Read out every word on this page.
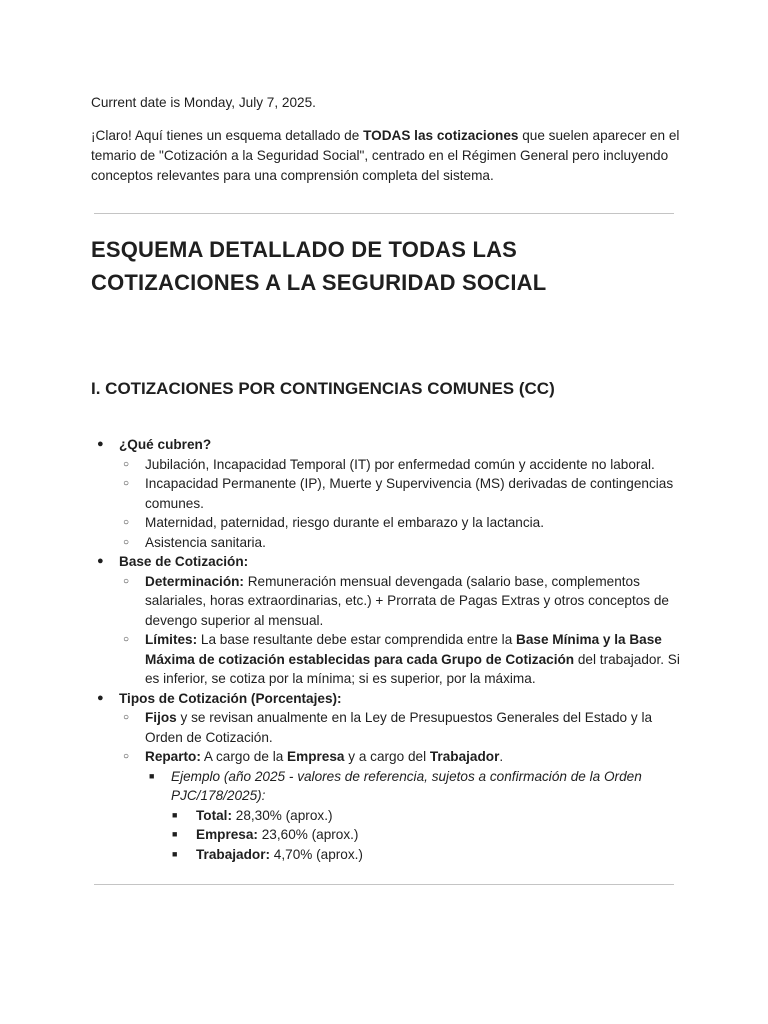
Current date is Monday, July 7, 2025.

¡Claro! Aquí tienes un esquema detallado de TODAS las cotizaciones que suelen aparecer en el temario de "Cotización a la Seguridad Social", centrado en el Régimen General pero incluyendo conceptos relevantes para una comprensión completa del sistema.

ESQUEMA DETALLADO DE TODAS LAS COTIZACIONES A LA SEGURIDAD SOCIAL
I. COTIZACIONES POR CONTINGENCIAS COMUNES (CC)
● ¿Qué cubren?
○ Jubilación, Incapacidad Temporal (IT) por enfermedad común y accidente no laboral.
○ Incapacidad Permanente (IP), Muerte y Supervivencia (MS) derivadas de contingencias comunes.
○ Maternidad, paternidad, riesgo durante el embarazo y la lactancia.
○ Asistencia sanitaria.
● Base de Cotización:
○ Determinación: Remuneración mensual devengada (salario base, complementos salariales, horas extraordinarias, etc.) + Prorrata de Pagas Extras y otros conceptos de devengo superior al mensual.
○ Límites: La base resultante debe estar comprendida entre la Base Mínima y la Base Máxima de cotización establecidas para cada Grupo de Cotización del trabajador. Si es inferior, se cotiza por la mínima; si es superior, por la máxima.
● Tipos de Cotización (Porcentajes):
○ Fijos y se revisan anualmente en la Ley de Presupuestos Generales del Estado y la Orden de Cotización.
○ Reparto: A cargo de la Empresa y a cargo del Trabajador.
■ Ejemplo (año 2025 - valores de referencia, sujetos a confirmación de la Orden PJC/178/2025):
■ Total: 28,30% (aprox.)
■ Empresa: 23,60% (aprox.)
■ Trabajador: 4,70% (aprox.)
